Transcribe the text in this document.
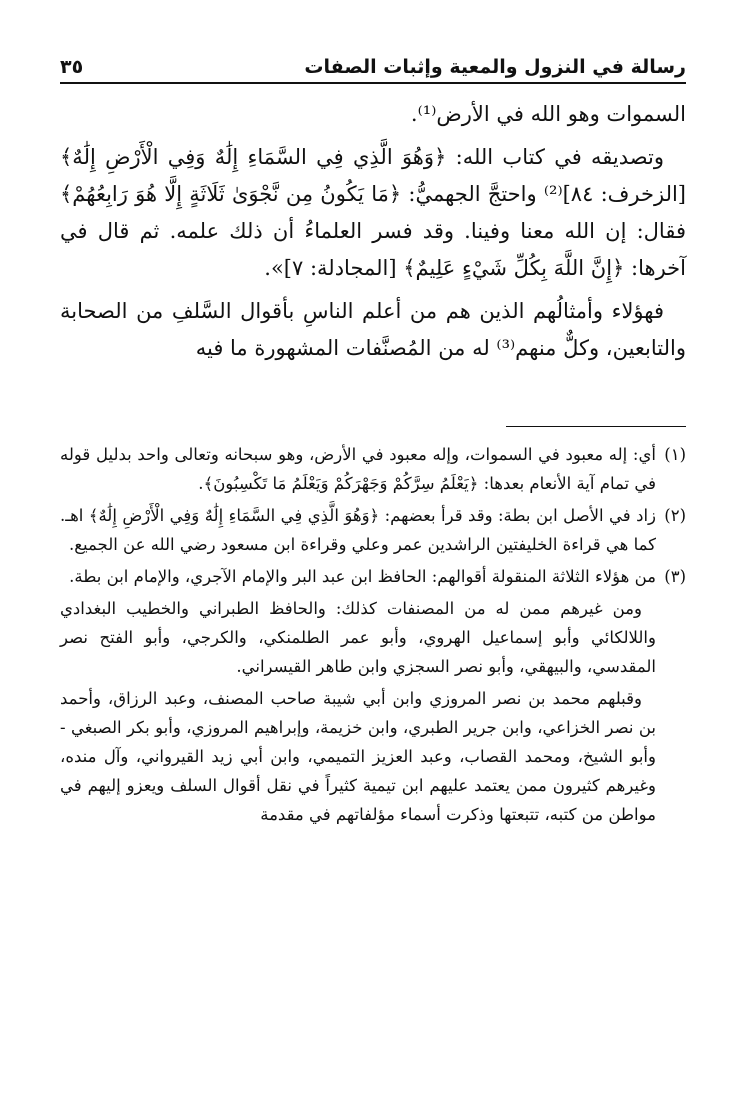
رسالة في النزول والمعية وإثبات الصفات
٣٥

السموات وهو الله في الأرض⁽¹⁾.

وتصديقه في كتاب الله: ﴿وَهُوَ الَّذِي فِي السَّمَاءِ إِلَٰهٌ وَفِي الْأَرْضِ إِلَٰهٌ﴾ [الزخرف: ٨٤]⁽²⁾ واحتجَّ الجهميُّ: ﴿مَا يَكُونُ مِن نَّجْوَىٰ ثَلَاثَةٍ إِلَّا هُوَ رَابِعُهُمْ﴾ فقال: إن الله معنا وفينا. وقد فسر العلماءُ أن ذلك علمه. ثم قال في آخرها: ﴿إِنَّ اللَّهَ بِكُلِّ شَيْءٍ عَلِيمٌ﴾ [المجادلة: ٧]».

فهؤلاء وأمثالُهم الذين هم من أعلم الناسِ بأقوال السَّلفِ من الصحابة والتابعين، وكلٌّ منهم⁽³⁾ له من المُصنَّفات المشهورة ما فيه

(١)
أي: إله معبود في السموات، وإله معبود في الأرض، وهو سبحانه وتعالى واحد بدليل قوله في تمام آية الأنعام بعدها: ﴿يَعْلَمُ سِرَّكُمْ وَجَهْرَكُمْ وَيَعْلَمُ مَا تَكْسِبُونَ﴾.
(٢)
زاد في الأصل ابن بطة: وقد قرأ بعضهم: ﴿وَهُوَ الَّذِي فِي السَّمَاءِ إِلَٰهٌ وَفِي الْأَرْضِ إِلَٰهٌ﴾ اهـ. كما هي قراءة الخليفتين الراشدين عمر وعلي وقراءة ابن مسعود رضي الله عن الجميع.
(٣)
من هؤلاء الثلاثة المنقولة أقوالهم: الحافظ ابن عبد البر والإمام الآجري، والإمام ابن بطة.

ومن غيرهم ممن له من المصنفات كذلك: والحافظ الطبراني والخطيب البغدادي واللالكائي وأبو إسماعيل الهروي، وأبو عمر الطلمنكي، والكرجي، وأبو الفتح نصر المقدسي، والبيهقي، وأبو نصر السجزي وابن طاهر القيسراني.

وقبلهم محمد بن نصر المروزي وابن أبي شيبة صاحب المصنف، وعبد الرزاق، وأحمد بن نصر الخزاعي، وابن جرير الطبري، وابن خزيمة، وإبراهيم المروزي، وأبو بكر الصبغي - وأبو الشيخ، ومحمد القصاب، وعبد العزيز التميمي، وابن أبي زيد القيرواني، وآل منده، وغيرهم كثيرون ممن يعتمد عليهم ابن تيمية كثيراً في نقل أقوال السلف ويعزو إليهم في مواطن من كتبه، تتبعتها وذكرت أسماء مؤلفاتهم في مقدمة
